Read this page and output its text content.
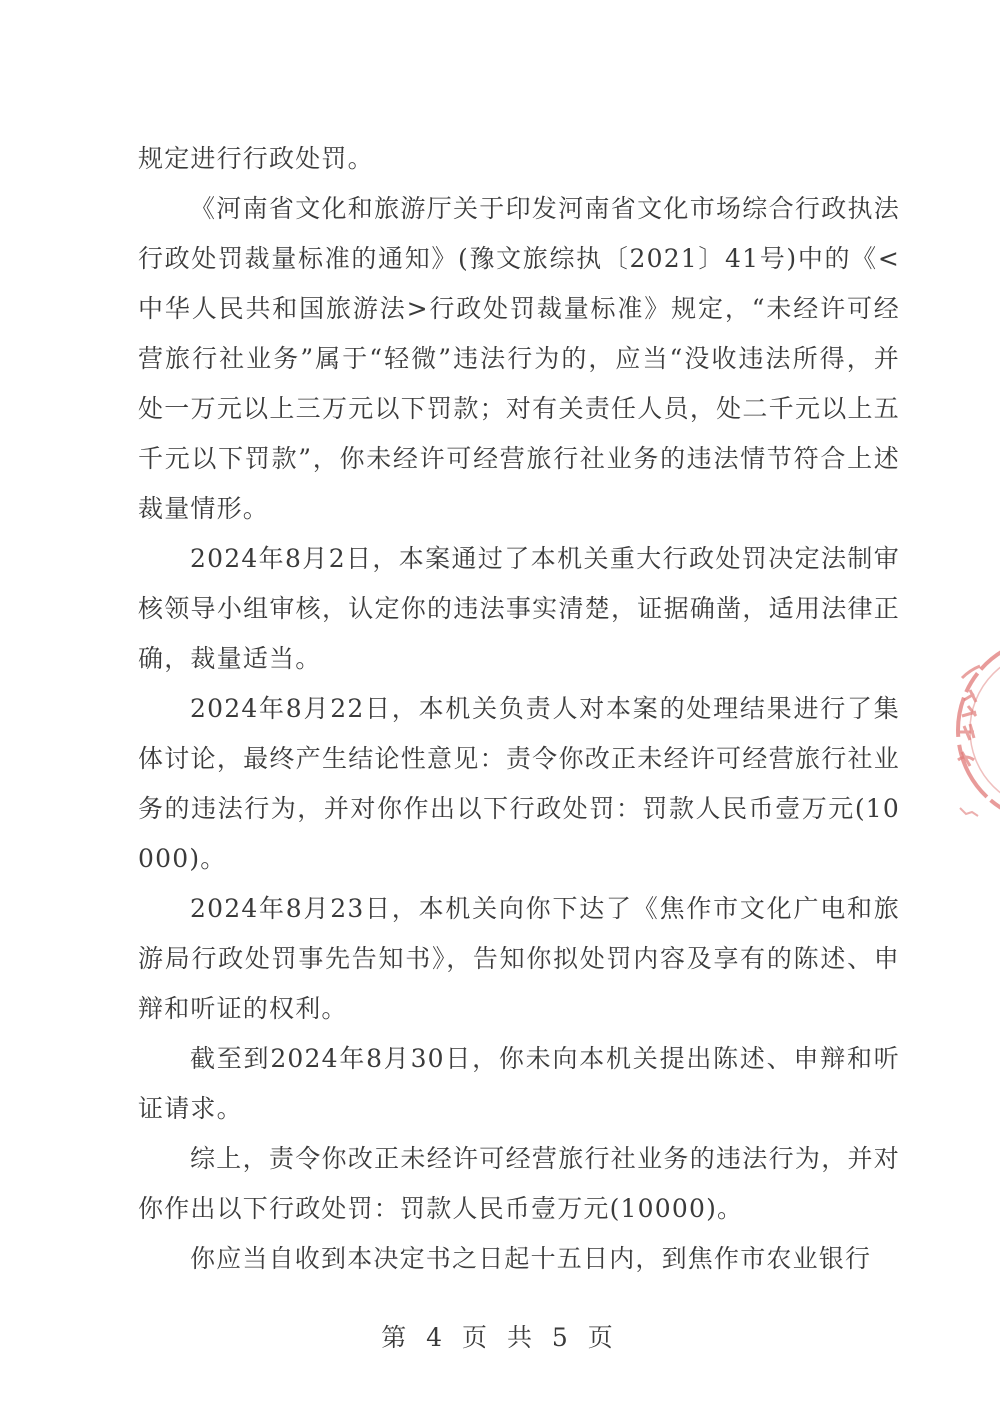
规定进行行政处罚。

《河南省文化和旅游厅关于印发河南省文化市场综合行政执法行政处罚裁量标准的通知》(豫文旅综执〔2021〕41号)中的《<中华人民共和国旅游法>行政处罚裁量标准》规定，“未经许可经营旅行社业务”属于“轻微”违法行为的，应当“没收违法所得，并处一万元以上三万元以下罚款；对有关责任人员，处二千元以上五千元以下罚款”，你未经许可经营旅行社业务的违法情节符合上述裁量情形。

2024年8月2日，本案通过了本机关重大行政处罚决定法制审核领导小组审核，认定你的违法事实清楚，证据确凿，适用法律正确，裁量适当。

2024年8月22日，本机关负责人对本案的处理结果进行了集体讨论，最终产生结论性意见：责令你改正未经许可经营旅行社业务的违法行为，并对你作出以下行政处罚：罚款人民币壹万元(10000)。

2024年8月23日，本机关向你下达了《焦作市文化广电和旅游局行政处罚事先告知书》，告知你拟处罚内容及享有的陈述、申辩和听证的权利。

截至到2024年8月30日，你未向本机关提出陈述、申辩和听证请求。

综上，责令你改正未经许可经营旅行社业务的违法行为，并对你作出以下行政处罚：罚款人民币壹万元(10000)。

你应当自收到本决定书之日起十五日内，到焦作市农业银行

第 4 页 共 5 页
